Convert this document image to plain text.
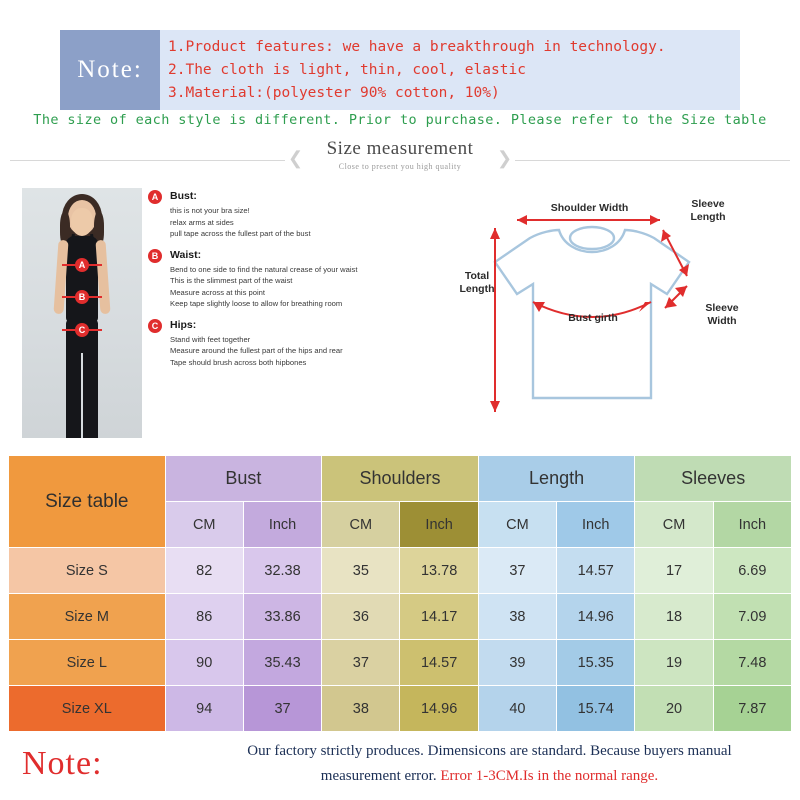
Note:
1.Product features: we have a breakthrough in technology.
2.The cloth is light, thin, cool, elastic
3.Material:(polyester 90% cotton, 10%)
The size of each style is different. Prior to purchase. Please refer to the Size table
Size measurement
Close to present you high quality
❮	❯
A
B
C
A	Bust:
this is not your bra size!
relax arms at sides
pull tape across the fullest part of the bust
B	Waist:
Bend to one side to find the natural crease of your waist
This is the slimmest part of the waist
Measure across at this point
Keep tape slightly loose to allow for breathing room
C	Hips:
Stand with feet together
Measure around the fullest part of the hips and rear
Tape should brush across both hipbones
Shoulder Width	Sleeve
Length
Total
Length
Bust girth
Sleeve
Width
Size table	Bust		Shoulders		Length		Sleeves	
	CM	Inch	CM	Inch	CM	Inch	CM	Inch
Size S	82	32.38	35	13.78	37	14.57	17	6.69
Size M	86	33.86	36	14.17	38	14.96	18	7.09
Size L	90	35.43	37	14.57	39	15.35	19	7.48
Size XL	94	37	38	14.96	40	15.74	20	7.87
Note:	Our factory strictly produces. Dimensicons are standard. Because buyers manual
measurement error. Error 1-3CM.Is in the normal range.
